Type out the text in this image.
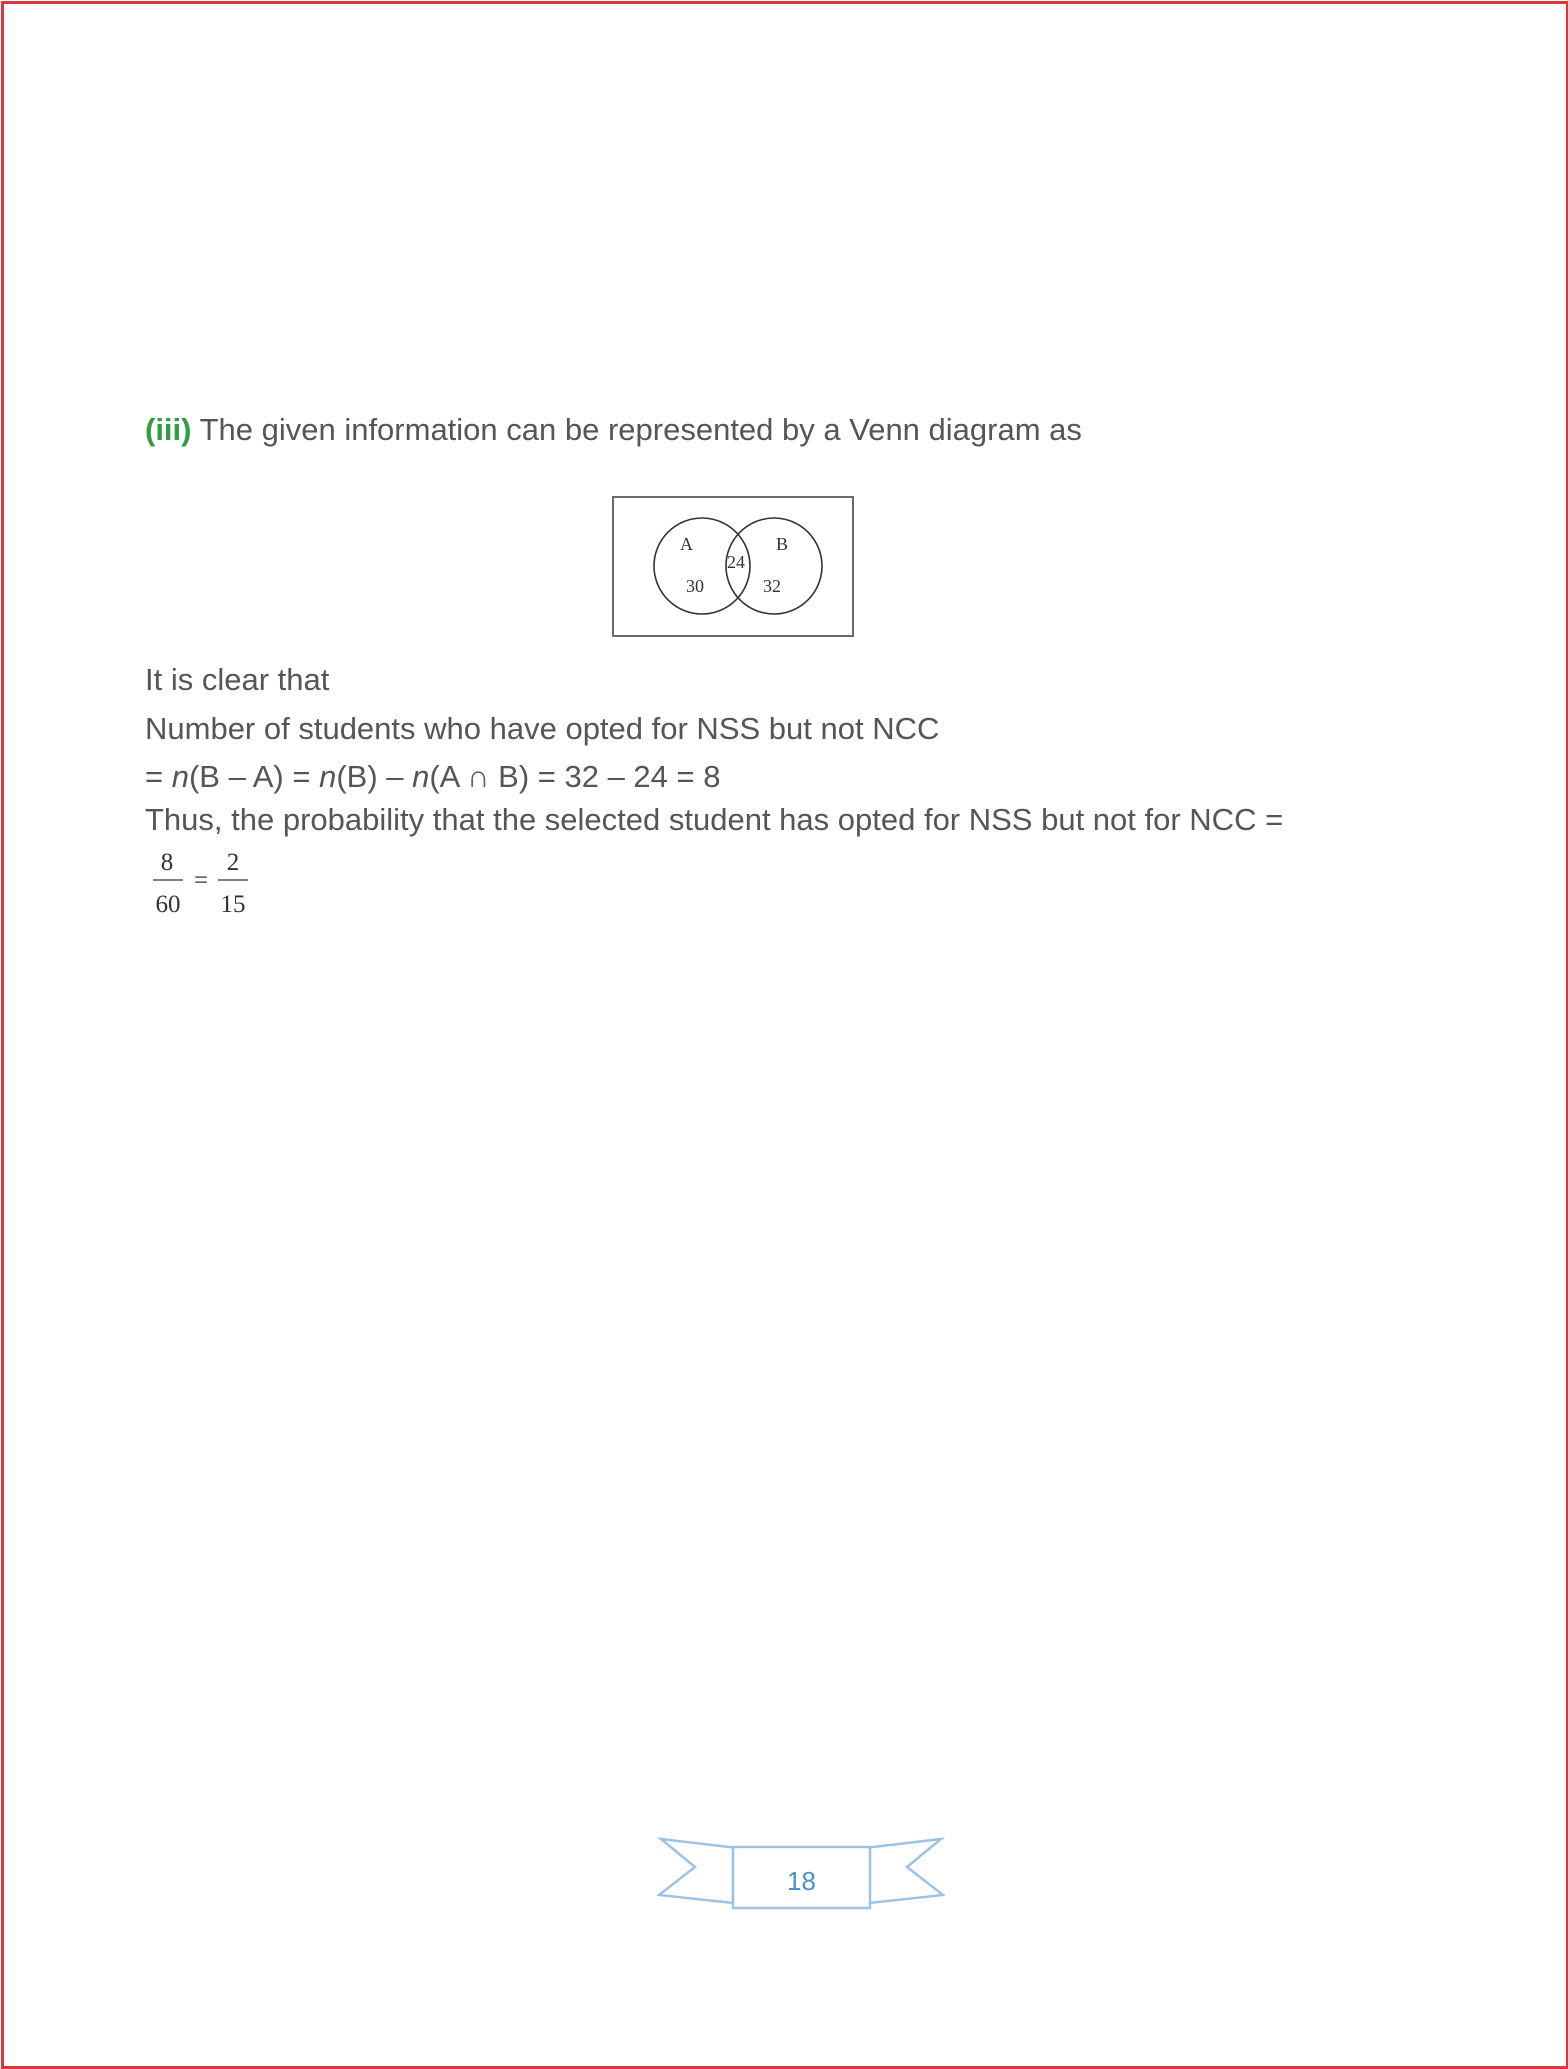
(iii) The given information can be represented by a Venn diagram as
A	B
24
30	32
It is clear that
Number of students who have opted for NSS but not NCC
= n(B – A) = n(B) – n(A ∩ B) = 32 – 24 = 8
Thus, the probability that the selected student has opted for NSS but not for NCC =
8
60
=
2
15
18
